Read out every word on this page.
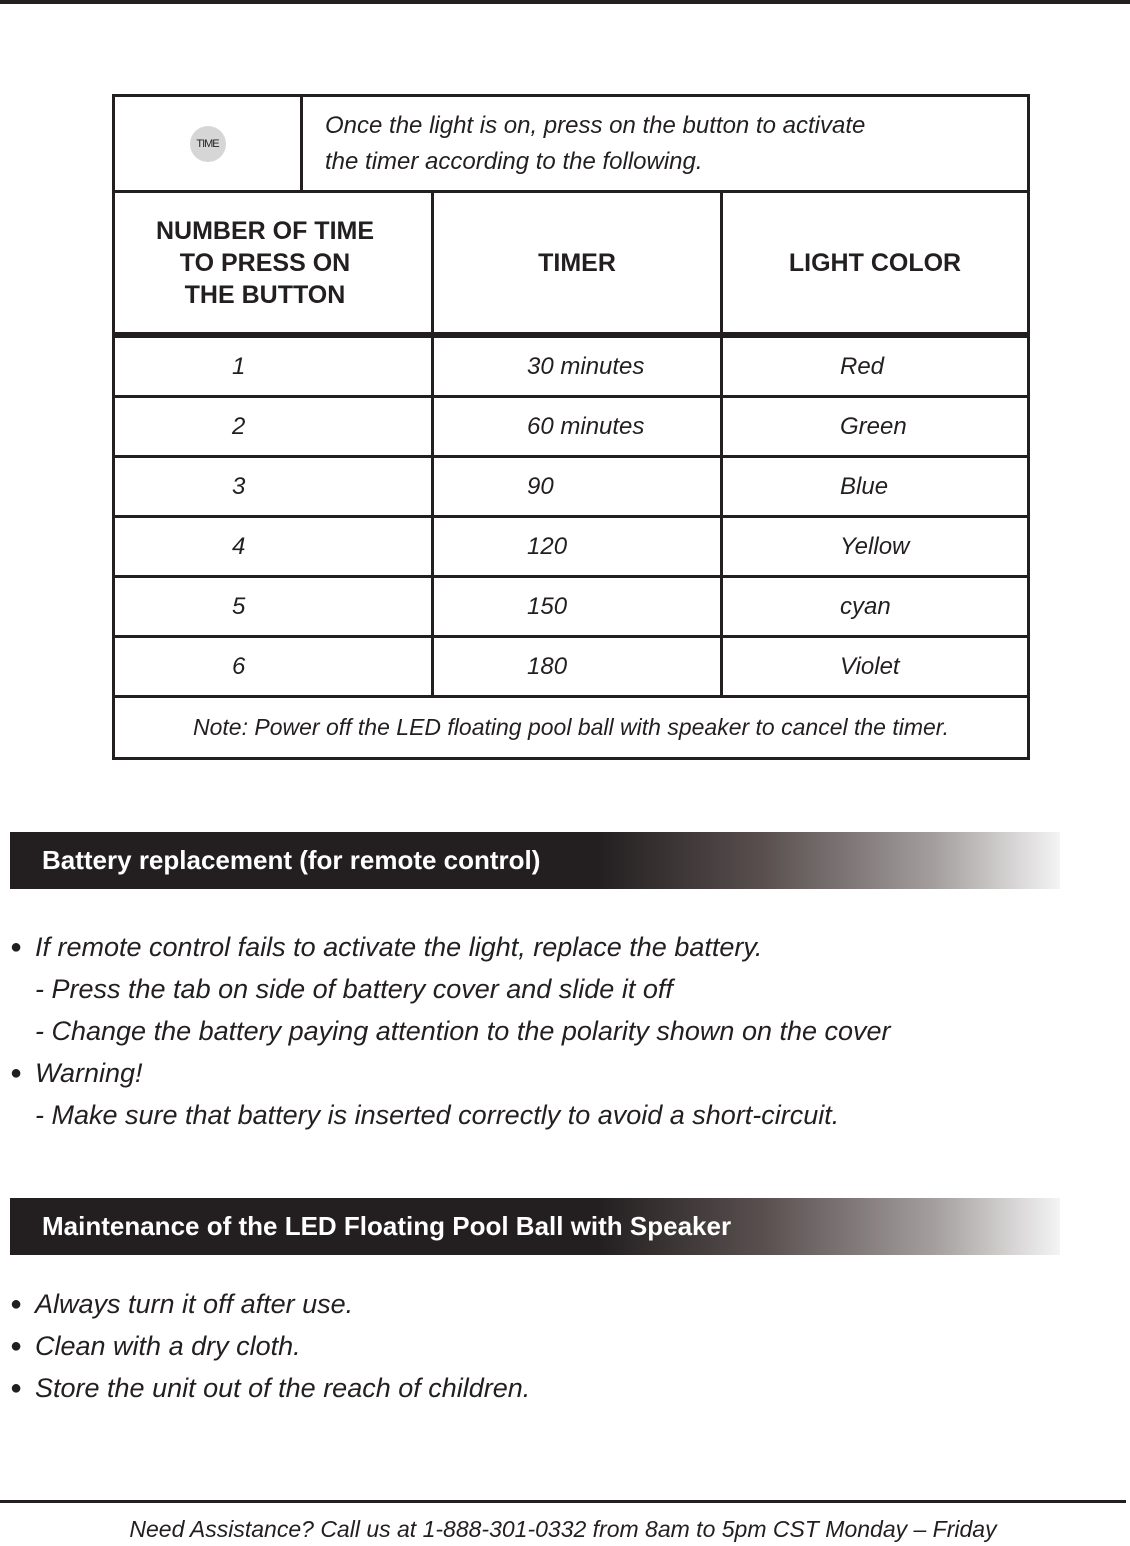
TIME
Once the light is on, press on the button to activate
the timer according to the following.
NUMBER OF TIME
TO PRESS ON
THE BUTTON
TIMER	LIGHT COLOR
1	30 minutes	Red
2	60 minutes	Green
3	90	Blue
4	120	Yellow
5	150	cyan
6	180	Violet
Note: Power off the LED floating pool ball with speaker to cancel the timer.
Battery replacement (for remote control)
● If remote control fails to activate the light, replace the battery.
- Press the tab on side of battery cover and slide it off
- Change the battery paying attention to the polarity shown on the cover
● Warning!
- Make sure that battery is inserted correctly to avoid a short-circuit.
Maintenance of the LED Floating Pool Ball with Speaker
● Always turn it off after use.
● Clean with a dry cloth.
● Store the unit out of the reach of children.
Need Assistance? Call us at 1-888-301-0332 from 8am to 5pm CST Monday – Friday
